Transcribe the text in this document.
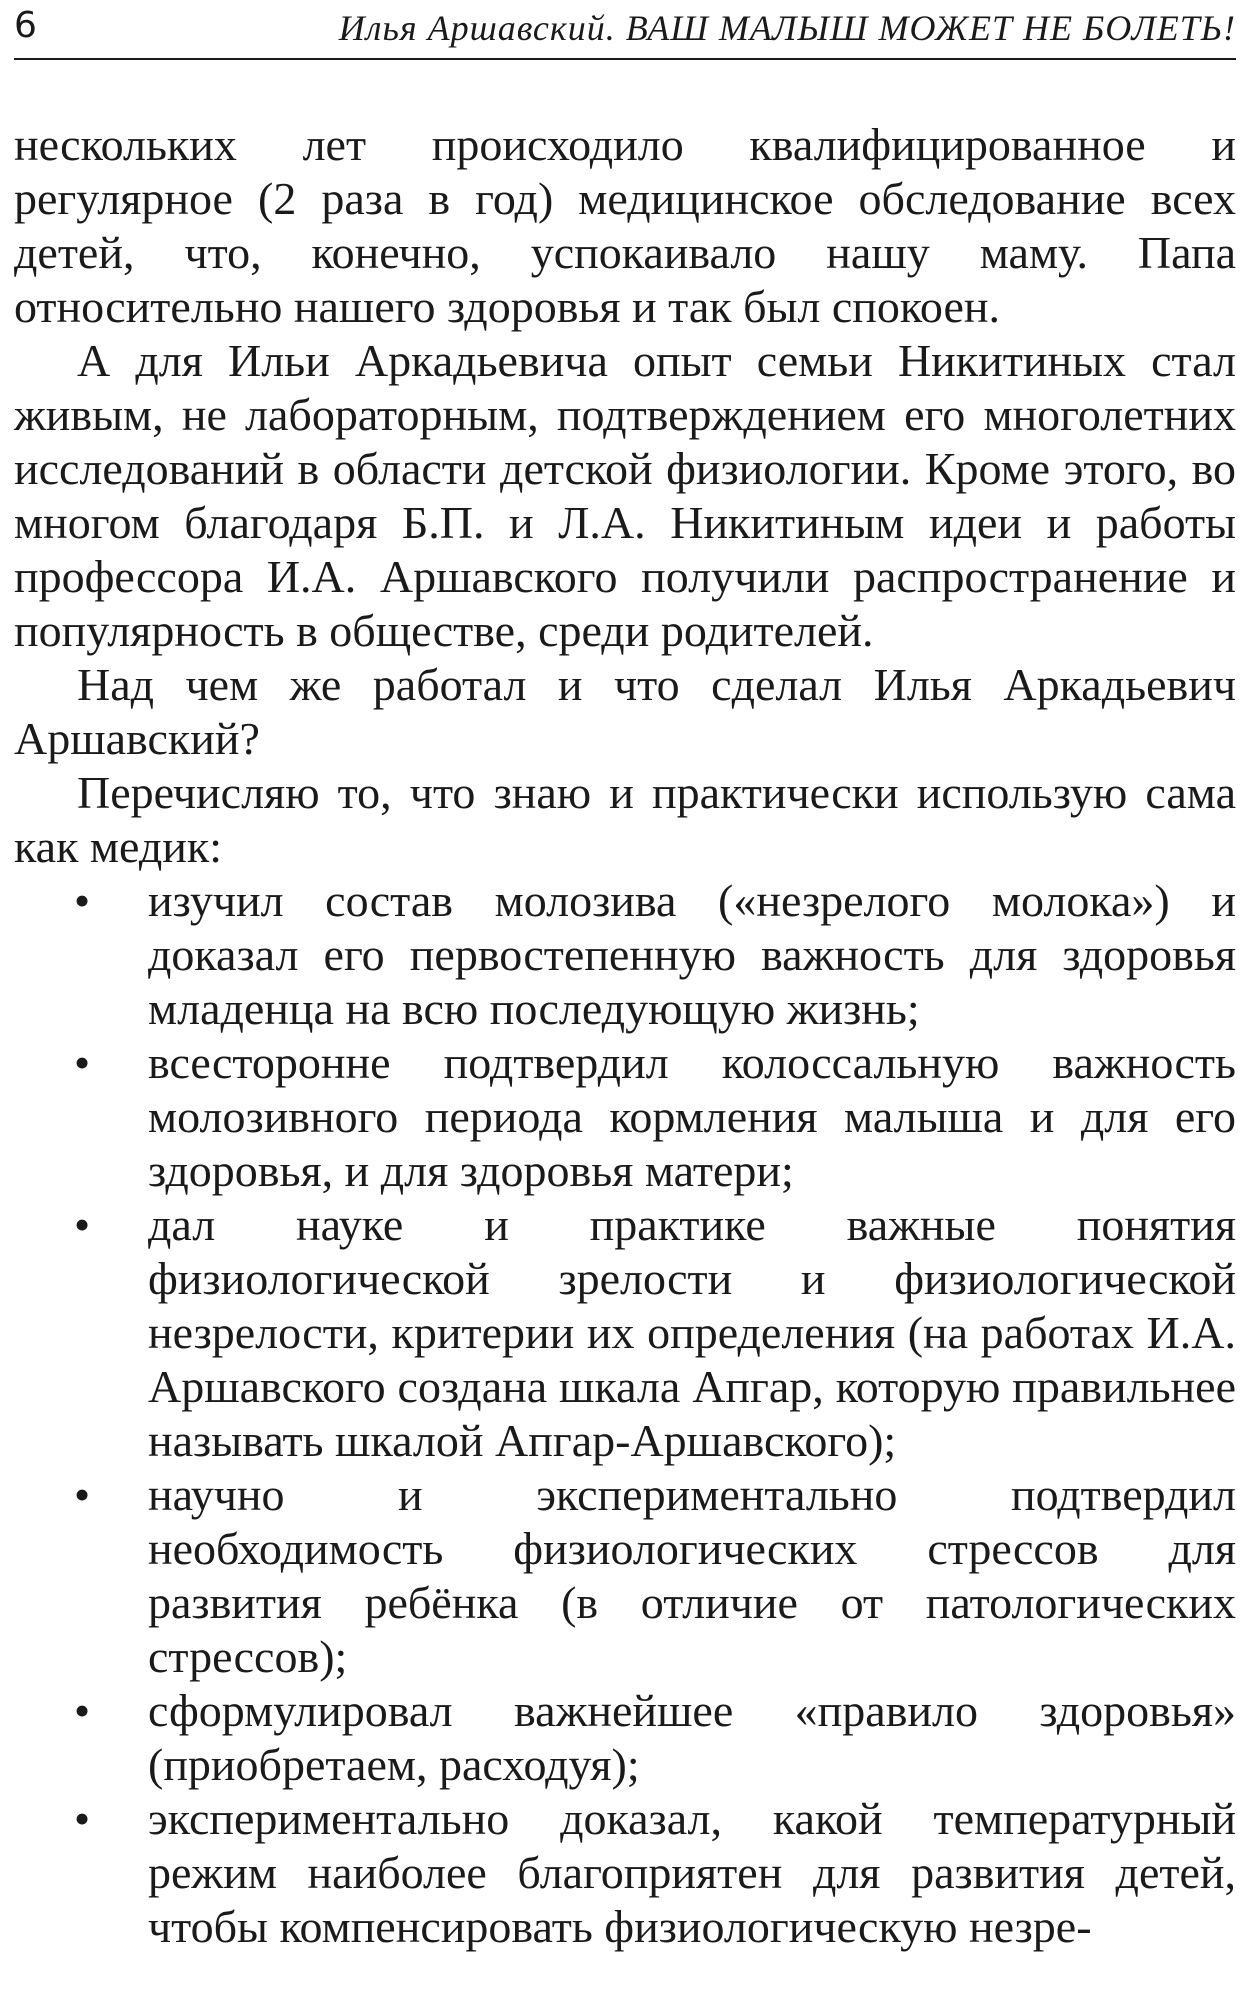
6	Илья Аршавский. ВАШ МАЛЫШ МОЖЕТ НЕ БОЛЕТЬ!

нескольких лет происходило квалифицированное и регулярное (2 раза в год) медицинское обследование всех детей, что, конечно, успокаивало нашу маму. Папа относительно нашего здоровья и так был спокоен.

А для Ильи Аркадьевича опыт семьи Никитиных стал живым, не лабораторным, подтверждением его многолетних исследований в области детской физиологии. Кроме этого, во многом благодаря Б.П. и Л.А. Никитиным идеи и работы профессора И.А. Аршавского получили распространение и популярность в обществе, среди родителей.

Над чем же работал и что сделал Илья Аркадьевич Аршавский?

Перечисляю то, что знаю и практически использую сама как медик:

•	изучил состав молозива («незрелого молока») и доказал его первостепенную важность для здоровья младенца на всю последующую жизнь;
•	всесторонне подтвердил колоссальную важность молозивного периода кормления малыша и для его здоровья, и для здоровья матери;
•	дал науке и практике важные понятия физиологической зрелости и физиологической незрелости, критерии их определения (на работах И.А. Аршавского создана шкала Апгар, которую правильнее называть шкалой Апгар-Аршавского);
•	научно и экспериментально подтвердил необходимость физиологических стрессов для развития ребёнка (в отличие от патологических стрессов);
•	сформулировал важнейшее «правило здоровья» (приобретаем, расходуя);
•	экспериментально доказал, какой температурный режим наиболее благоприятен для развития детей, чтобы компенсировать физиологическую незре-
